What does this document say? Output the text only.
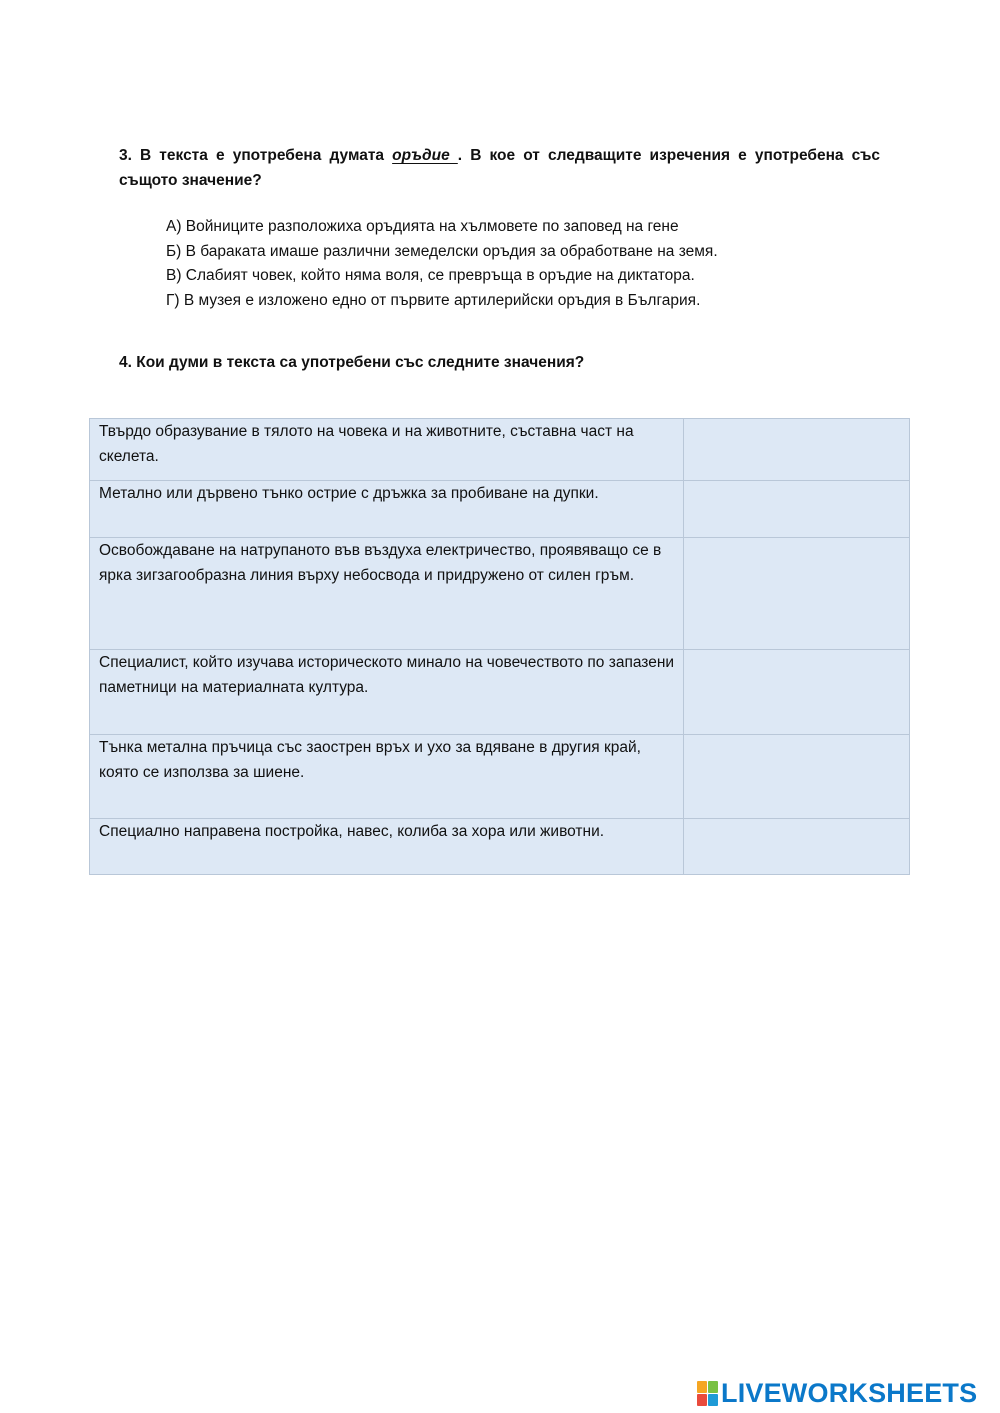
3. В текста е употребена думата оръдие . В кое от следващите изречения е употребена със същото значение?
А) Войниците разположиха оръдията на хълмовете по заповед на гене
Б) В бараката имаше различни земеделски оръдия за обработване на земя.
В) Слабият човек, който няма воля, се превръща в оръдие на диктатора.
Г) В музея е изложено едно от първите артилерийски оръдия в България.
4. Кои думи в текста са употребени със следните значения?
Твърдо образувание в тялото на човека и на животните, съставна част на скелета.	
Метално или дървено тънко острие с дръжка за пробиване на дупки.	
Освобождаване на натрупаното във въздуха електричество, проявяващо се в ярка зигзагообразна линия върху небосвода и придружено от силен гръм.	
Специалист, който изучава историческото минало на човечеството по запазени паметници на материалната култура.	
Тънка метална пръчица със заострен връх и ухо за вдяване в другия край, която се използва за шиене.	
Специално направена постройка, навес, колиба за хора или животни.	
LIVEWORKSHEETS
